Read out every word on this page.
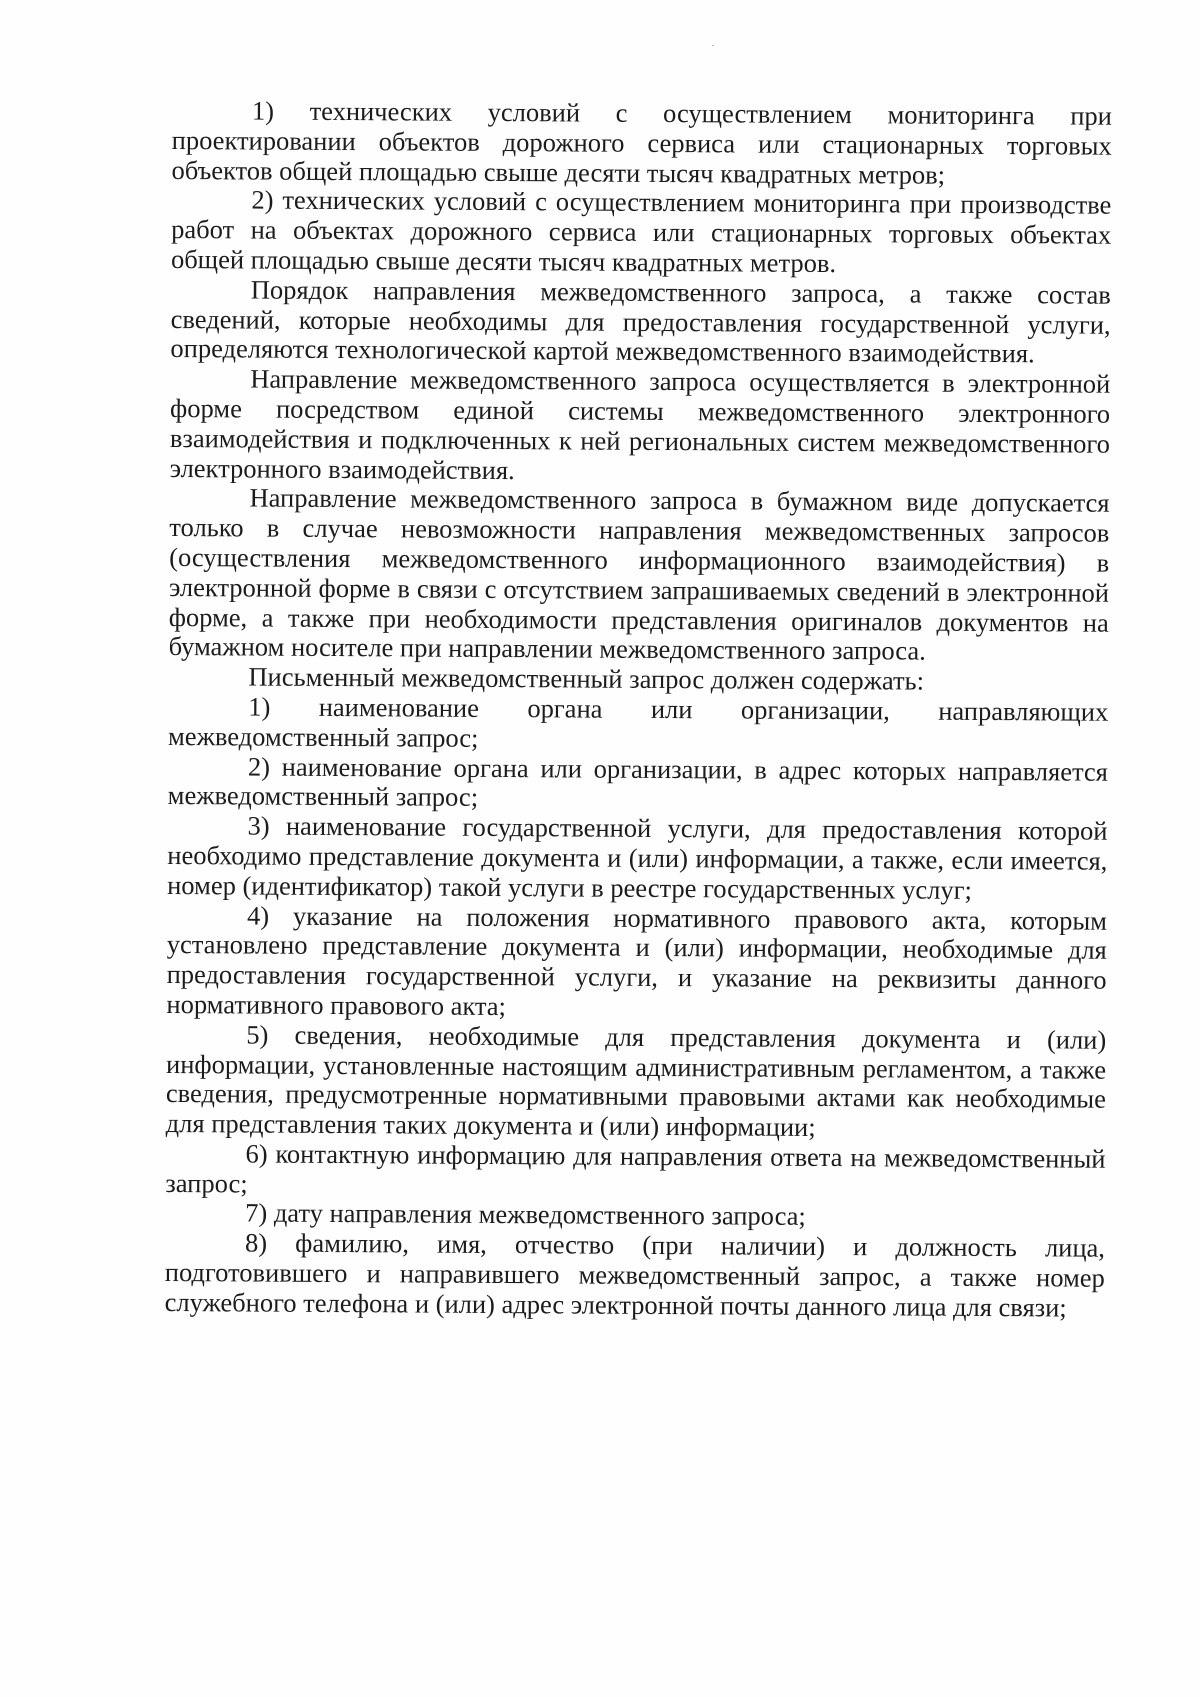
1) технических условий с осуществлением мониторинга при проектировании объектов дорожного сервиса или стационарных торговых объектов общей площадью свыше десяти тысяч квадратных метров;

2) технических условий с осуществлением мониторинга при производстве работ на объектах дорожного сервиса или стационарных торговых объектах общей площадью свыше десяти тысяч квадратных метров.

Порядок направления межведомственного запроса, а также состав сведений, которые необходимы для предоставления государственной услуги, определяются технологической картой межведомственного взаимодействия.

Направление межведомственного запроса осуществляется в электронной форме посредством единой системы межведомственного электронного взаимодействия и подключенных к ней региональных систем межведомственного электронного взаимодействия.

Направление межведомственного запроса в бумажном виде допускается только в случае невозможности направления межведомственных запросов (осуществления межведомственного информационного взаимодействия) в электронной форме в связи с отсутствием запрашиваемых сведений в электронной форме, а также при необходимости представления оригиналов документов на бумажном носителе при направлении межведомственного запроса.

Письменный межведомственный запрос должен содержать:

1) наименование органа или организации, направляющих межведомственный запрос;

2) наименование органа или организации, в адрес которых направляется межведомственный запрос;

3) наименование государственной услуги, для предоставления которой необходимо представление документа и (или) информации, а также, если имеется, номер (идентификатор) такой услуги в реестре государственных услуг;

4) указание на положения нормативного правового акта, которым установлено представление документа и (или) информации, необходимые для предоставления государственной услуги, и указание на реквизиты данного нормативного правового акта;

5) сведения, необходимые для представления документа и (или) информации, установленные настоящим административным регламентом, а также сведения, предусмотренные нормативными правовыми актами как необходимые для представления таких документа и (или) информации;

6) контактную информацию для направления ответа на межведомственный запрос;

7) дату направления межведомственного запроса;

8) фамилию, имя, отчество (при наличии) и должность лица, подготовившего и направившего межведомственный запрос, а также номер служебного телефона и (или) адрес электронной почты данного лица для связи;
